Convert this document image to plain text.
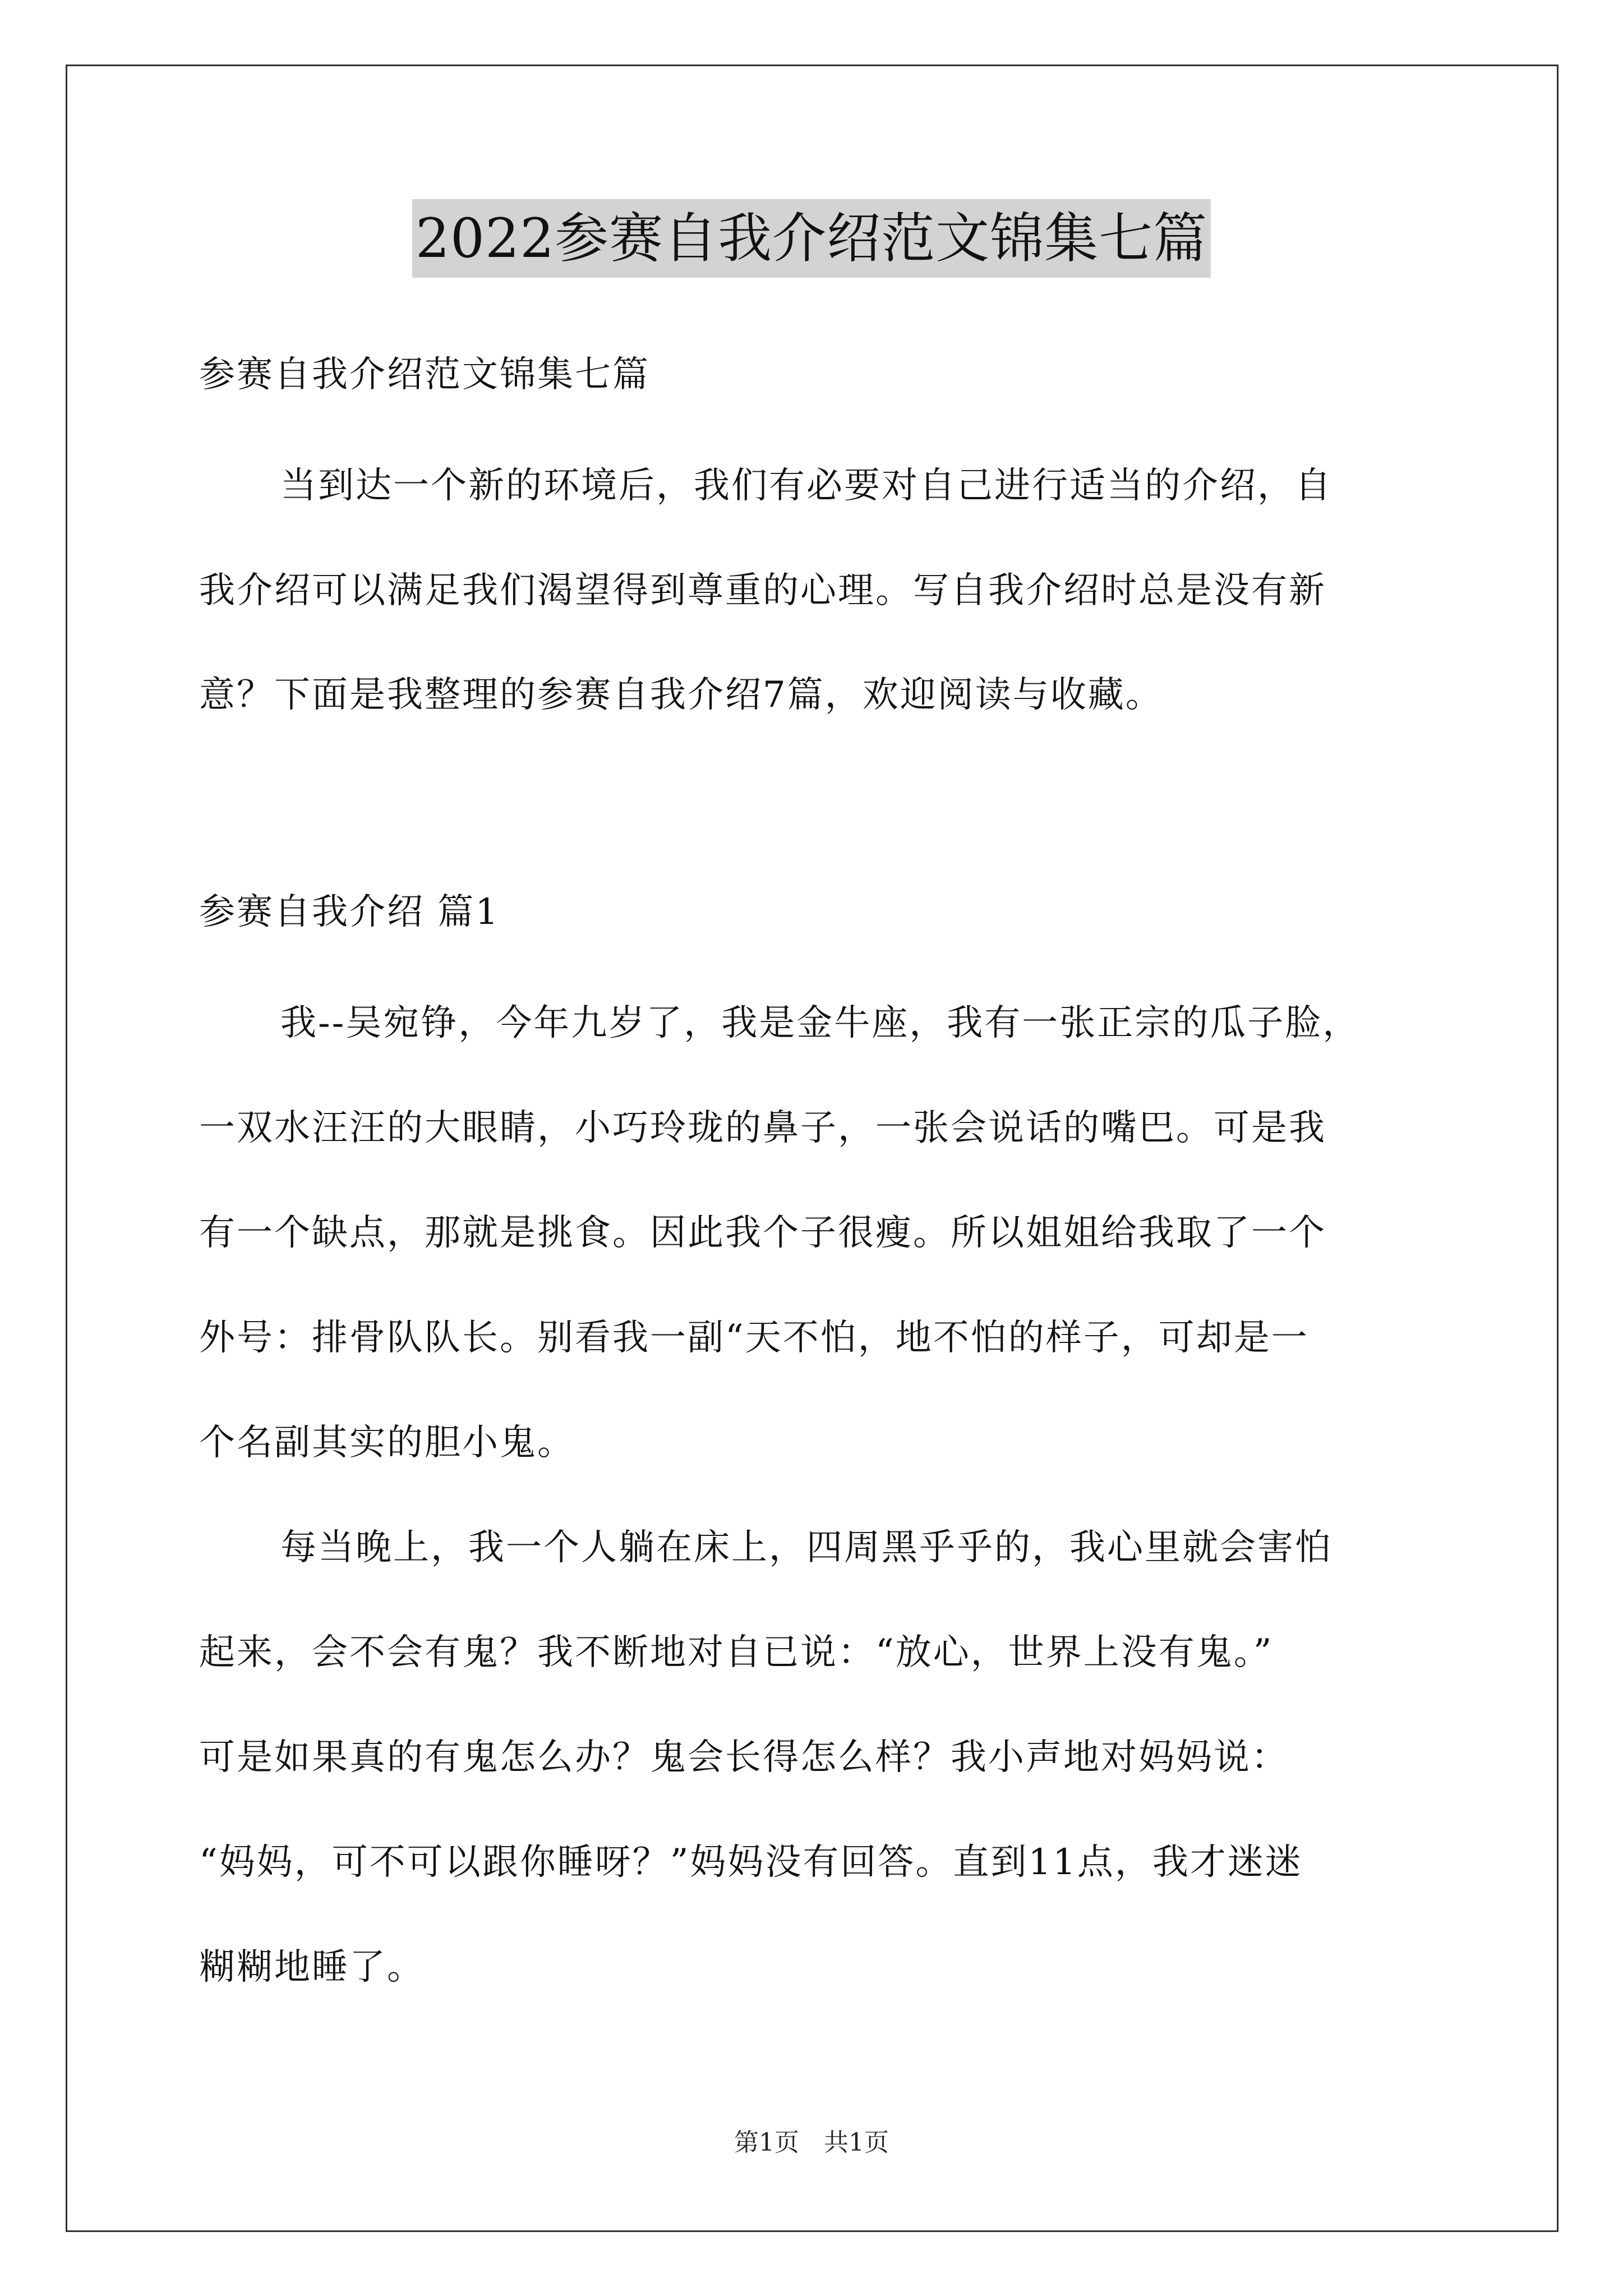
2022参赛自我介绍范文锦集七篇
参赛自我介绍范文锦集七篇
当到达一个新的环境后，我们有必要对自己进行适当的介绍，自
我介绍可以满足我们渴望得到尊重的心理。写自我介绍时总是没有新
意？下面是我整理的参赛自我介绍7篇，欢迎阅读与收藏。
参赛自我介绍 篇1
我--吴宛铮，今年九岁了，我是金牛座，我有一张正宗的瓜子脸，
一双水汪汪的大眼睛，小巧玲珑的鼻子，一张会说话的嘴巴。可是我
有一个缺点，那就是挑食。因此我个子很瘦。所以姐姐给我取了一个
外号：排骨队队长。别看我一副“天不怕，地不怕的样子，可却是一
个名副其实的胆小鬼。
每当晚上，我一个人躺在床上，四周黑乎乎的，我心里就会害怕
起来，会不会有鬼？我不断地对自已说：“放心，世界上没有鬼。”
可是如果真的有鬼怎么办？鬼会长得怎么样？我小声地对妈妈说：
“妈妈，可不可以跟你睡呀？”妈妈没有回答。直到11点，我才迷迷
糊糊地睡了。
第1页　共1页
